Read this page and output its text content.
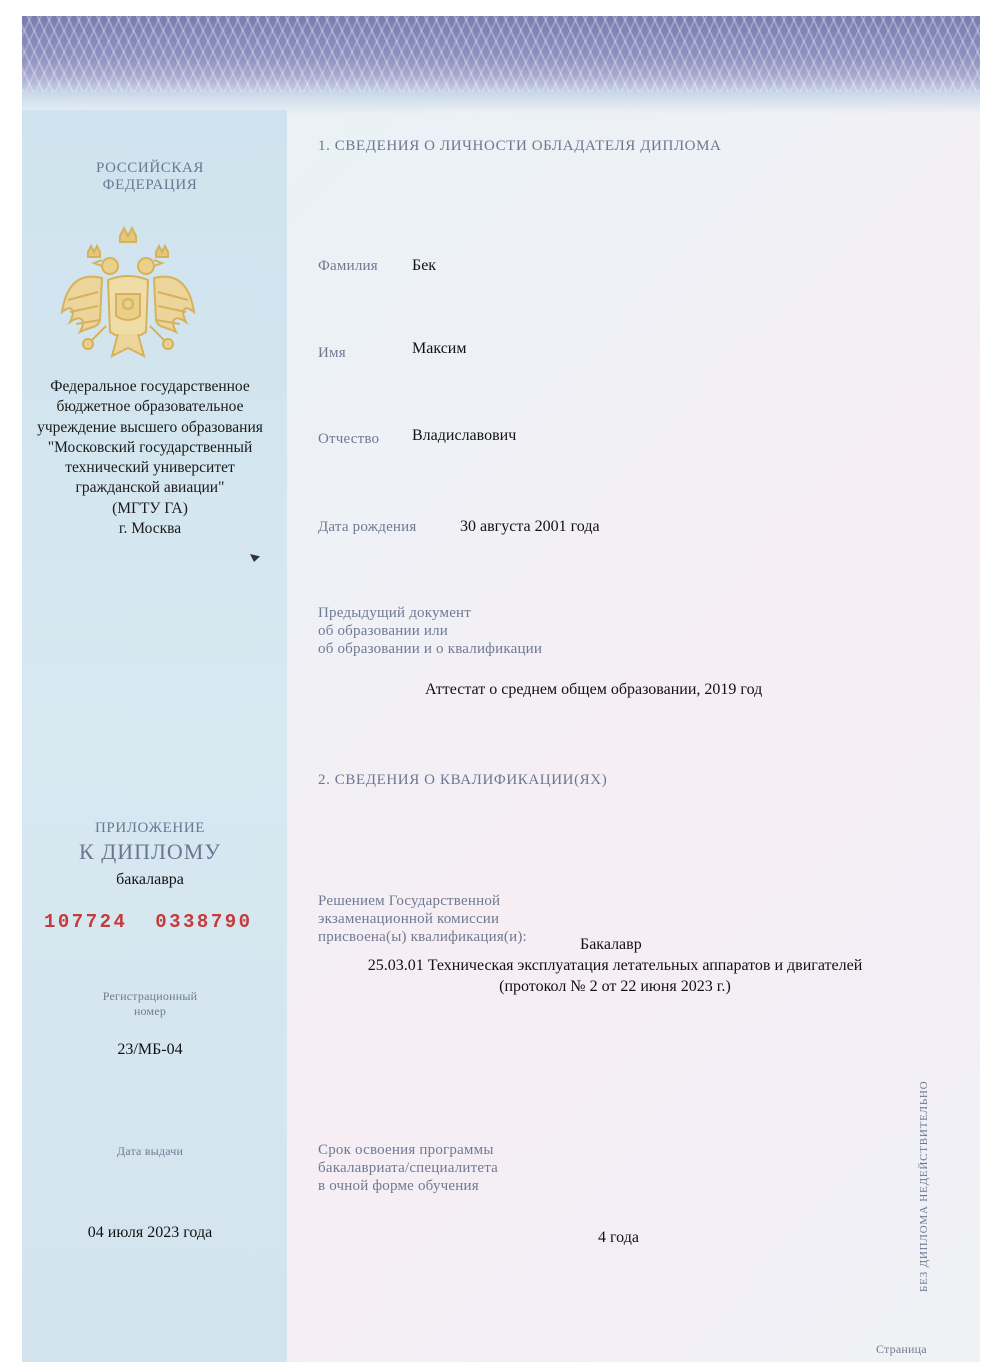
РОССИЙСКАЯ
ФЕДЕРАЦИЯ
Федеральное государственное
бюджетное образовательное
учреждение высшего образования
"Московский государственный
технический университет
гражданской авиации"
(МГТУ ГА)
г. Москва
ПРИЛОЖЕНИЕ
К ДИПЛОМУ
бакалавра
107724  0338790
Регистрационный
номер
23/МБ-04
Дата выдачи
04 июля 2023 года
1. СВЕДЕНИЯ О ЛИЧНОСТИ ОБЛАДАТЕЛЯ ДИПЛОМА
Фамилия Бек
Имя	Максим
Отчество Владиславович
Дата рождения	30 августа 2001 года
Предыдущий документ
об образовании или
об образовании и о квалификации
Аттестат о среднем общем образовании, 2019 год
2. СВЕДЕНИЯ О КВАЛИФИКАЦИИ(ЯХ)
Решением Государственной
экзаменационной комиссии
присвоена(ы) квалификация(и):	Бакалавр
25.03.01 Техническая эксплуатация летательных аппаратов и двигателей
(протокол № 2 от 22 июня 2023 г.)
Срок освоения программы
бакалавриата/специалитета
в очной форме обучения
4 года	БЕЗ ДИПЛОМА НЕДЕЙСТВИТЕЛЬНО
Страница
